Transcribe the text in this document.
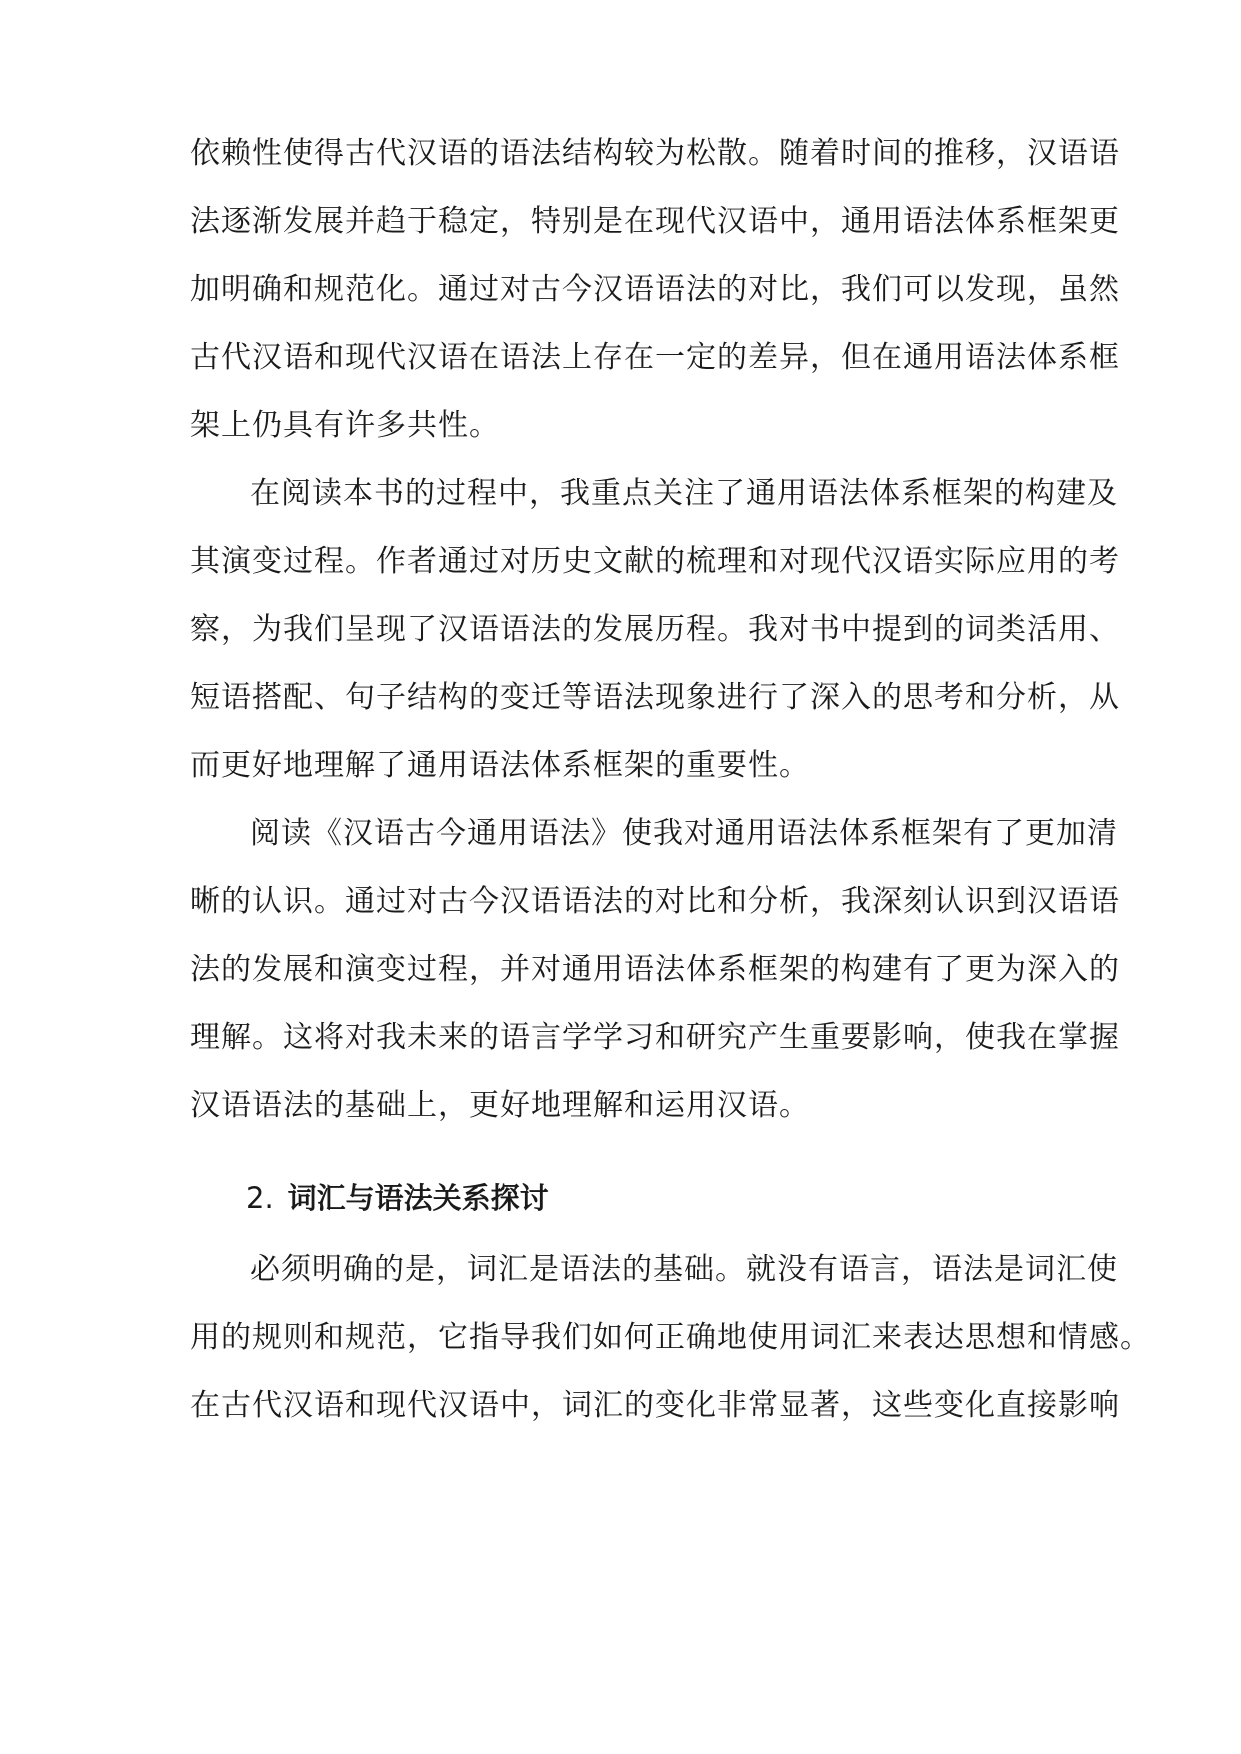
依赖性使得古代汉语的语法结构较为松散。随着时间的推移，汉语语
法逐渐发展并趋于稳定，特别是在现代汉语中，通用语法体系框架更
加明确和规范化。通过对古今汉语语法的对比，我们可以发现，虽然
古代汉语和现代汉语在语法上存在一定的差异，但在通用语法体系框
架上仍具有许多共性。
在阅读本书的过程中，我重点关注了通用语法体系框架的构建及
其演变过程。作者通过对历史文献的梳理和对现代汉语实际应用的考
察，为我们呈现了汉语语法的发展历程。我对书中提到的词类活用、
短语搭配、句子结构的变迁等语法现象进行了深入的思考和分析，从
而更好地理解了通用语法体系框架的重要性。
阅读《汉语古今通用语法》使我对通用语法体系框架有了更加清
晰的认识。通过对古今汉语语法的对比和分析，我深刻认识到汉语语
法的发展和演变过程，并对通用语法体系框架的构建有了更为深入的
理解。这将对我未来的语言学学习和研究产生重要影响，使我在掌握
汉语语法的基础上，更好地理解和运用汉语。
2. 词汇与语法关系探讨
必须明确的是，词汇是语法的基础。就没有语言，语法是词汇使
用的规则和规范，它指导我们如何正确地使用词汇来表达思想和情感。
在古代汉语和现代汉语中，词汇的变化非常显著，这些变化直接影响
